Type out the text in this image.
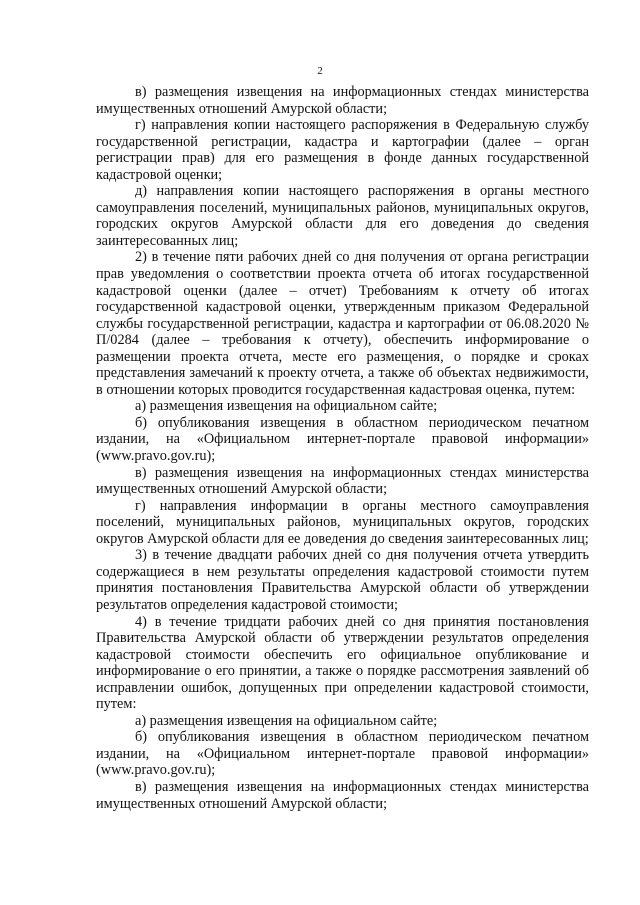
2

в) размещения извещения на информационных стендах министерства имущественных отношений Амурской области;

г) направления копии настоящего распоряжения в Федеральную службу государственной регистрации, кадастра и картографии (далее – орган регистрации прав) для его размещения в фонде данных государственной кадастровой оценки;

д) направления копии настоящего распоряжения в органы местного самоуправления поселений, муниципальных районов, муниципальных округов, городских округов Амурской области для его доведения до сведения заинтересованных лиц;

2) в течение пяти рабочих дней со дня получения от органа регистрации прав уведомления о соответствии проекта отчета об итогах государственной кадастровой оценки (далее – отчет) Требованиям к отчету об итогах государственной кадастровой оценки, утвержденным приказом Федеральной службы государственной регистрации, кадастра и картографии от 06.08.2020 № П/0284 (далее – требования к отчету), обеспечить информирование о размещении проекта отчета, месте его размещения, о порядке и сроках представления замечаний к проекту отчета, а также об объектах недвижимости, в отношении которых проводится государственная кадастровая оценка, путем:

а) размещения извещения на официальном сайте;

б) опубликования извещения в областном периодическом печатном издании, на «Официальном интернет-портале правовой информации» (www.pravo.gov.ru);

в) размещения извещения на информационных стендах министерства имущественных отношений Амурской области;

г) направления информации в органы местного самоуправления поселений, муниципальных районов, муниципальных округов, городских округов Амурской области для ее доведения до сведения заинтересованных лиц;

3) в течение двадцати рабочих дней со дня получения отчета утвердить содержащиеся в нем результаты определения кадастровой стоимости путем принятия постановления Правительства Амурской области об утверждении результатов определения кадастровой стоимости;

4) в течение тридцати рабочих дней со дня принятия постановления Правительства Амурской области об утверждении результатов определения кадастровой стоимости обеспечить его официальное опубликование и информирование о его принятии, а также о порядке рассмотрения заявлений об исправлении ошибок, допущенных при определении кадастровой стоимости, путем:

а) размещения извещения на официальном сайте;

б) опубликования извещения в областном периодическом печатном издании, на «Официальном интернет-портале правовой информации» (www.pravo.gov.ru);

в) размещения извещения на информационных стендах министерства имущественных отношений Амурской области;
